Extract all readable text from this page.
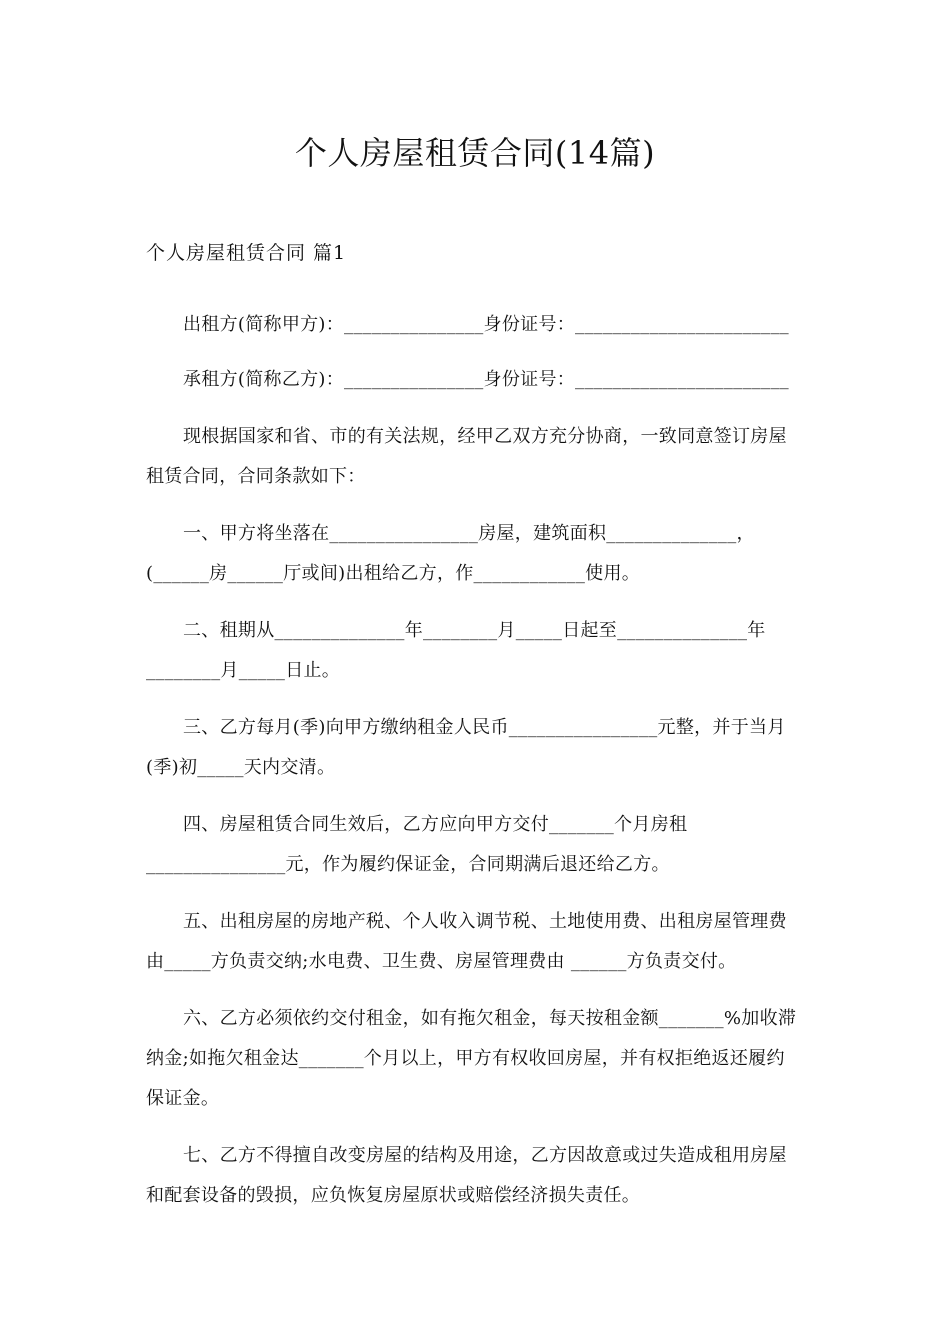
个人房屋租赁合同(14篇)
个人房屋租赁合同 篇1
出租方(简称甲方)：_______________身份证号：_______________________
承租方(简称乙方)：_______________身份证号：_______________________
现根据国家和省、市的有关法规，经甲乙双方充分协商，一致同意签订房屋
租赁合同，合同条款如下：
一、甲方将坐落在________________房屋，建筑面积______________，
(______房______厅或间)出租给乙方，作____________使用。
二、租期从______________年________月_____日起至______________年
________月_____日止。
三、乙方每月(季)向甲方缴纳租金人民币________________元整，并于当月
(季)初_____天内交清。
四、房屋租赁合同生效后，乙方应向甲方交付_______个月房租
_______________元，作为履约保证金，合同期满后退还给乙方。
五、出租房屋的房地产税、个人收入调节税、土地使用费、出租房屋管理费
由_____方负责交纳;水电费、卫生费、房屋管理费由 ______方负责交付。
六、乙方必须依约交付租金，如有拖欠租金，每天按租金额_______%加收滞
纳金;如拖欠租金达_______个月以上，甲方有权收回房屋，并有权拒绝返还履约
保证金。
七、乙方不得擅自改变房屋的结构及用途，乙方因故意或过失造成租用房屋
和配套设备的毁损，应负恢复房屋原状或赔偿经济损失责任。
